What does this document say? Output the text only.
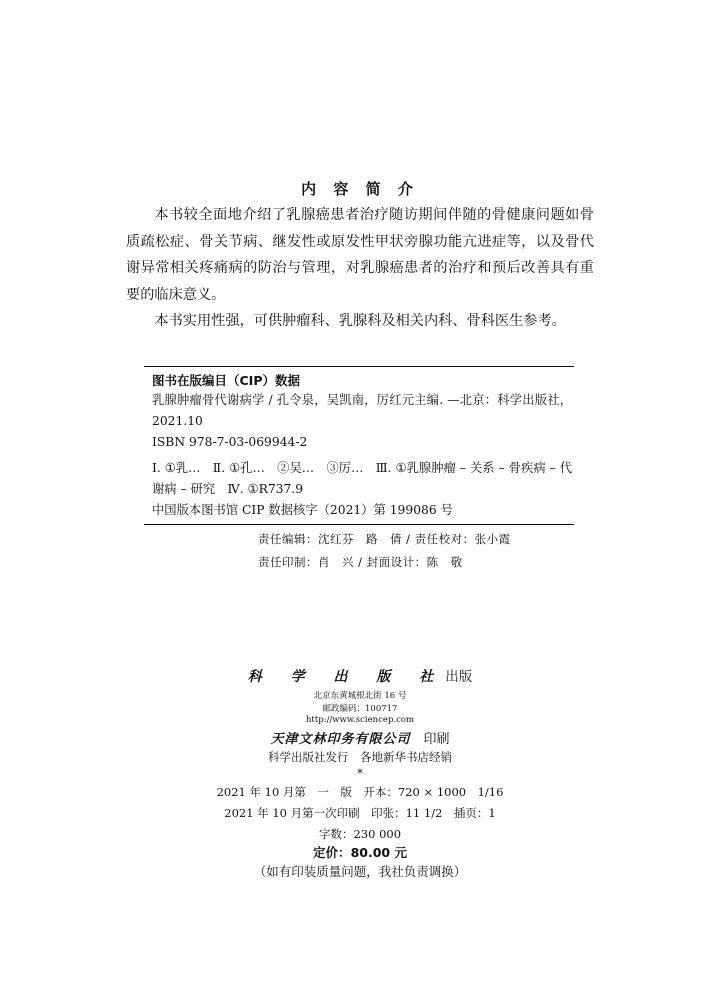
内 容 简 介

本书较全面地介绍了乳腺癌患者治疗随访期间伴随的骨健康问题如骨质疏松症、骨关节病、继发性或原发性甲状旁腺功能亢进症等，以及骨代谢异常相关疼痛病的防治与管理，对乳腺癌患者的治疗和预后改善具有重要的临床意义。

本书实用性强，可供肿瘤科、乳腺科及相关内科、骨科医生参考。

图书在版编目（CIP）数据
乳腺肿瘤骨代谢病学 / 孔令泉，吴凯南，厉红元主编. —北京：科学出版社，2021.10
ISBN 978-7-03-069944-2
Ⅰ. ①乳…　Ⅱ. ①孔…　②吴…　③厉…　Ⅲ. ①乳腺肿瘤 – 关系 – 骨疾病 – 代谢病 – 研究　Ⅳ. ①R737.9
中国版本图书馆 CIP 数据核字（2021）第 199086 号
责任编辑：沈红芬　路　倩 / 责任校对：张小霞
责任印制：肖　兴 / 封面设计：陈　敬
科 学 出 版 社出版
北京东黄城根北街 16 号
邮政编码：100717
http://www.sciencep.com
天津文林印务有限公司　 印刷
科学出版社发行　各地新华书店经销
*
2021 年 10 月第　一　版　开本：720 × 1000　1/16
2021 年 10 月第一次印刷　印张：11 1/2　插页：1
字数：230 000
定价：80.00 元
（如有印装质量问题，我社负责调换）
